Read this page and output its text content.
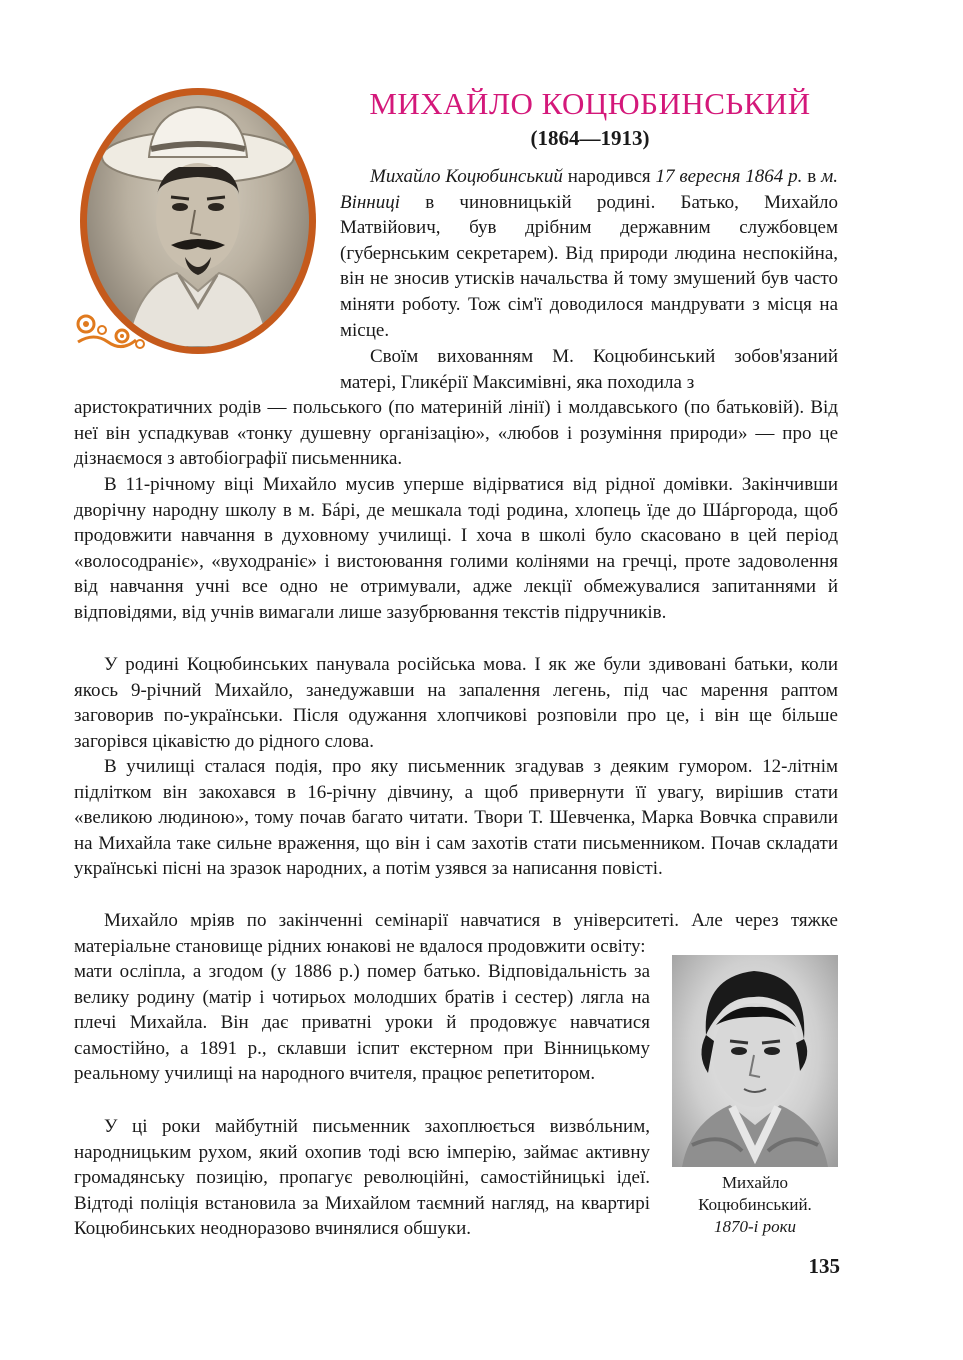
МИХАЙЛО КОЦЮБИНСЬКИЙ
(1864—1913)

Михайло Коцюбинський народився 17 вересня 1864 р. в м. Вінниці в чиновницькій родині. Батько, Михайло Матвійович, був дрібним державним службовцем (губернським секретарем). Від природи людина неспокійна, він не зносив утисків начальства й тому змушений був часто міняти роботу. Тож сім'ї доводилося мандрувати з місця на місце.

Своїм вихованням М. Коцюбинський зобов'язаний матері, Гликéрії Максимівні, яка походила з

аристократичних родів — польського (по материній лінії) і молдавського (по батьковій). Від неї він успадкував «тонку душевну організацію», «любов і розуміння природи» — про це дізнаємося з автобіографії письменника.

В 11-річному віці Михайло мусив уперше відірватися від рідної домівки. Закінчивши дворічну народну школу в м. Бáрі, де мешкала тоді родина, хлопець їде до Шáргорода, щоб продовжити навчання в духовному училищі. І хоча в школі було скасовано в цей період «волосодраніє», «вуходраніє» і вистоювання голими колінями на гречці, проте задоволення від навчання учні все одно не отримували, адже лекції обмежувалися запитаннями й відповідями, від учнів вимагали лише зазубрювання текстів підручників.

У родині Коцюбинських панувала російська мова. І як же були здивовані батьки, коли якось 9-річний Михайло, занедужавши на запалення легень, під час марення раптом заговорив по-українськи. Після одужання хлопчикові розповіли про це, і він ще більше загорівся цікавістю до рідного слова.

В училищі сталася подія, про яку письменник згадував з деяким гумором. 12-літнім підлітком він закохався в 16-річну дівчину, а щоб привернути її увагу, вирішив стати «великою людиною», тому почав багато читати. Твори Т. Шевченка, Марка Вовчка справили на Михайла таке сильне враження, що він і сам захотів стати письменником. Почав складати українські пісні на зразок народних, а потім узявся за написання повісті.

Михайло мріяв по закінченні семінарії навчатися в університеті. Але через тяжке матеріальне становище рідних юнакові не вдалося продовжити освіту:

мати осліпла, а згодом (у 1886 р.) помер батько. Відповідальність за велику родину (матір і чотирьох молодших братів і сестер) лягла на плечі Михайла. Він дає приватні уроки й продовжує навчатися самостійно, а 1891 р., склавши іспит екстерном при Вінницькому реальному училищі на народного вчителя, працює репетитором.

У ці роки майбутній письменник захоплюється визвóльним, народницьким рухом, який охопив тоді всю імперію, займає активну громадянську позицію, пропагує революційні, самостійницькі ідеї. Відтоді поліція встановила за Михайлом таємний нагляд, на квартирі Коцюбинських неодноразово вчинялися обшуки.

Михайло
Коцюбинський.
1870-і роки
135
